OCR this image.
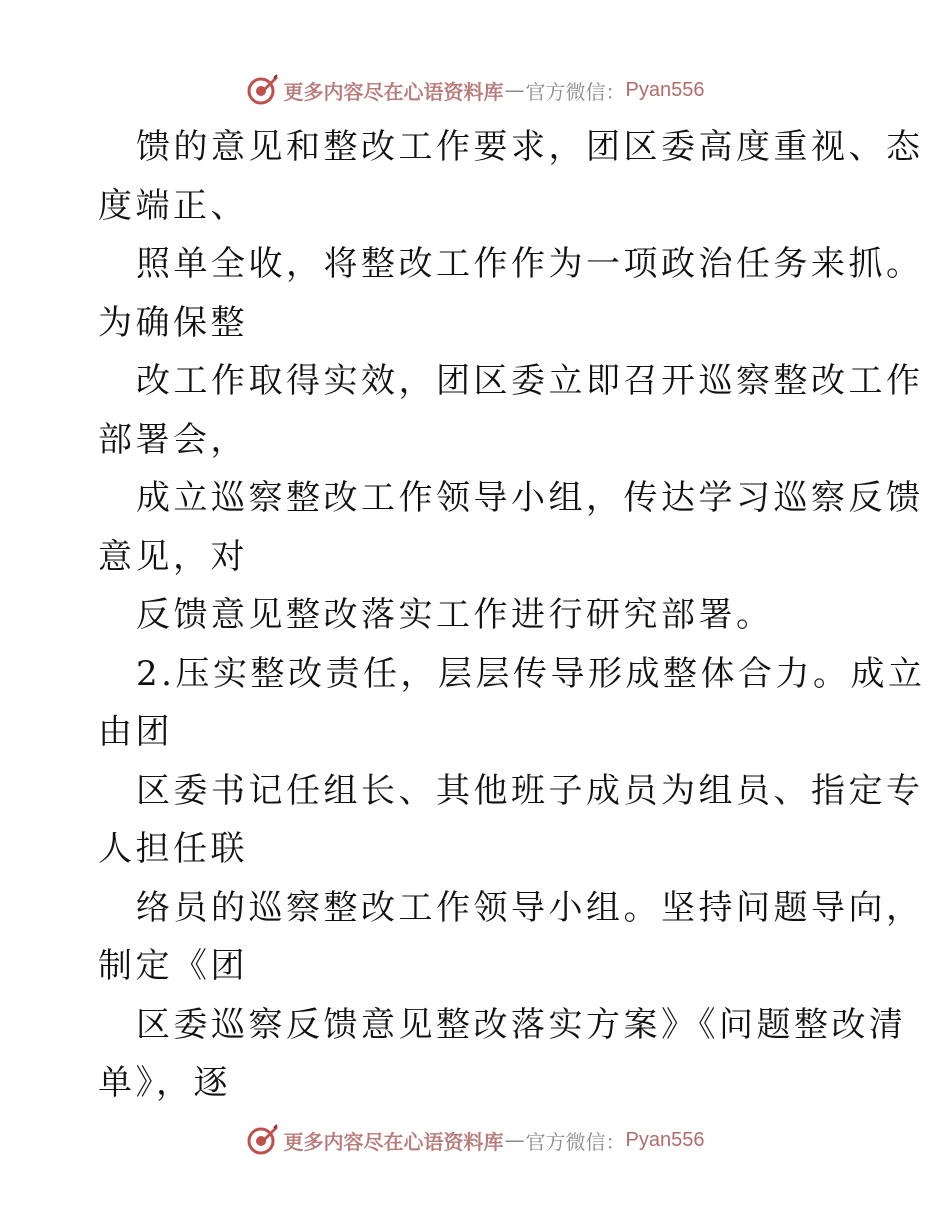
更多内容尽在心语资料库 — 官方微信： Pyan556
馈的意见和整改工作要求，团区委高度重视、态
度端正、
照单全收，将整改工作作为一项政治任务来抓。
为确保整
改工作取得实效，团区委立即召开巡察整改工作
部署会，
成立巡察整改工作领导小组，传达学习巡察反馈
意见，对
反馈意见整改落实工作进行研究部署。
2.压实整改责任，层层传导形成整体合力。成立
由团
区委书记任组长、其他班子成员为组员、指定专
人担任联
络员的巡察整改工作领导小组。坚持问题导向，
制定《团
区委巡察反馈意见整改落实方案》《问题整改清
单》，逐
更多内容尽在心语资料库 — 官方微信： Pyan556
